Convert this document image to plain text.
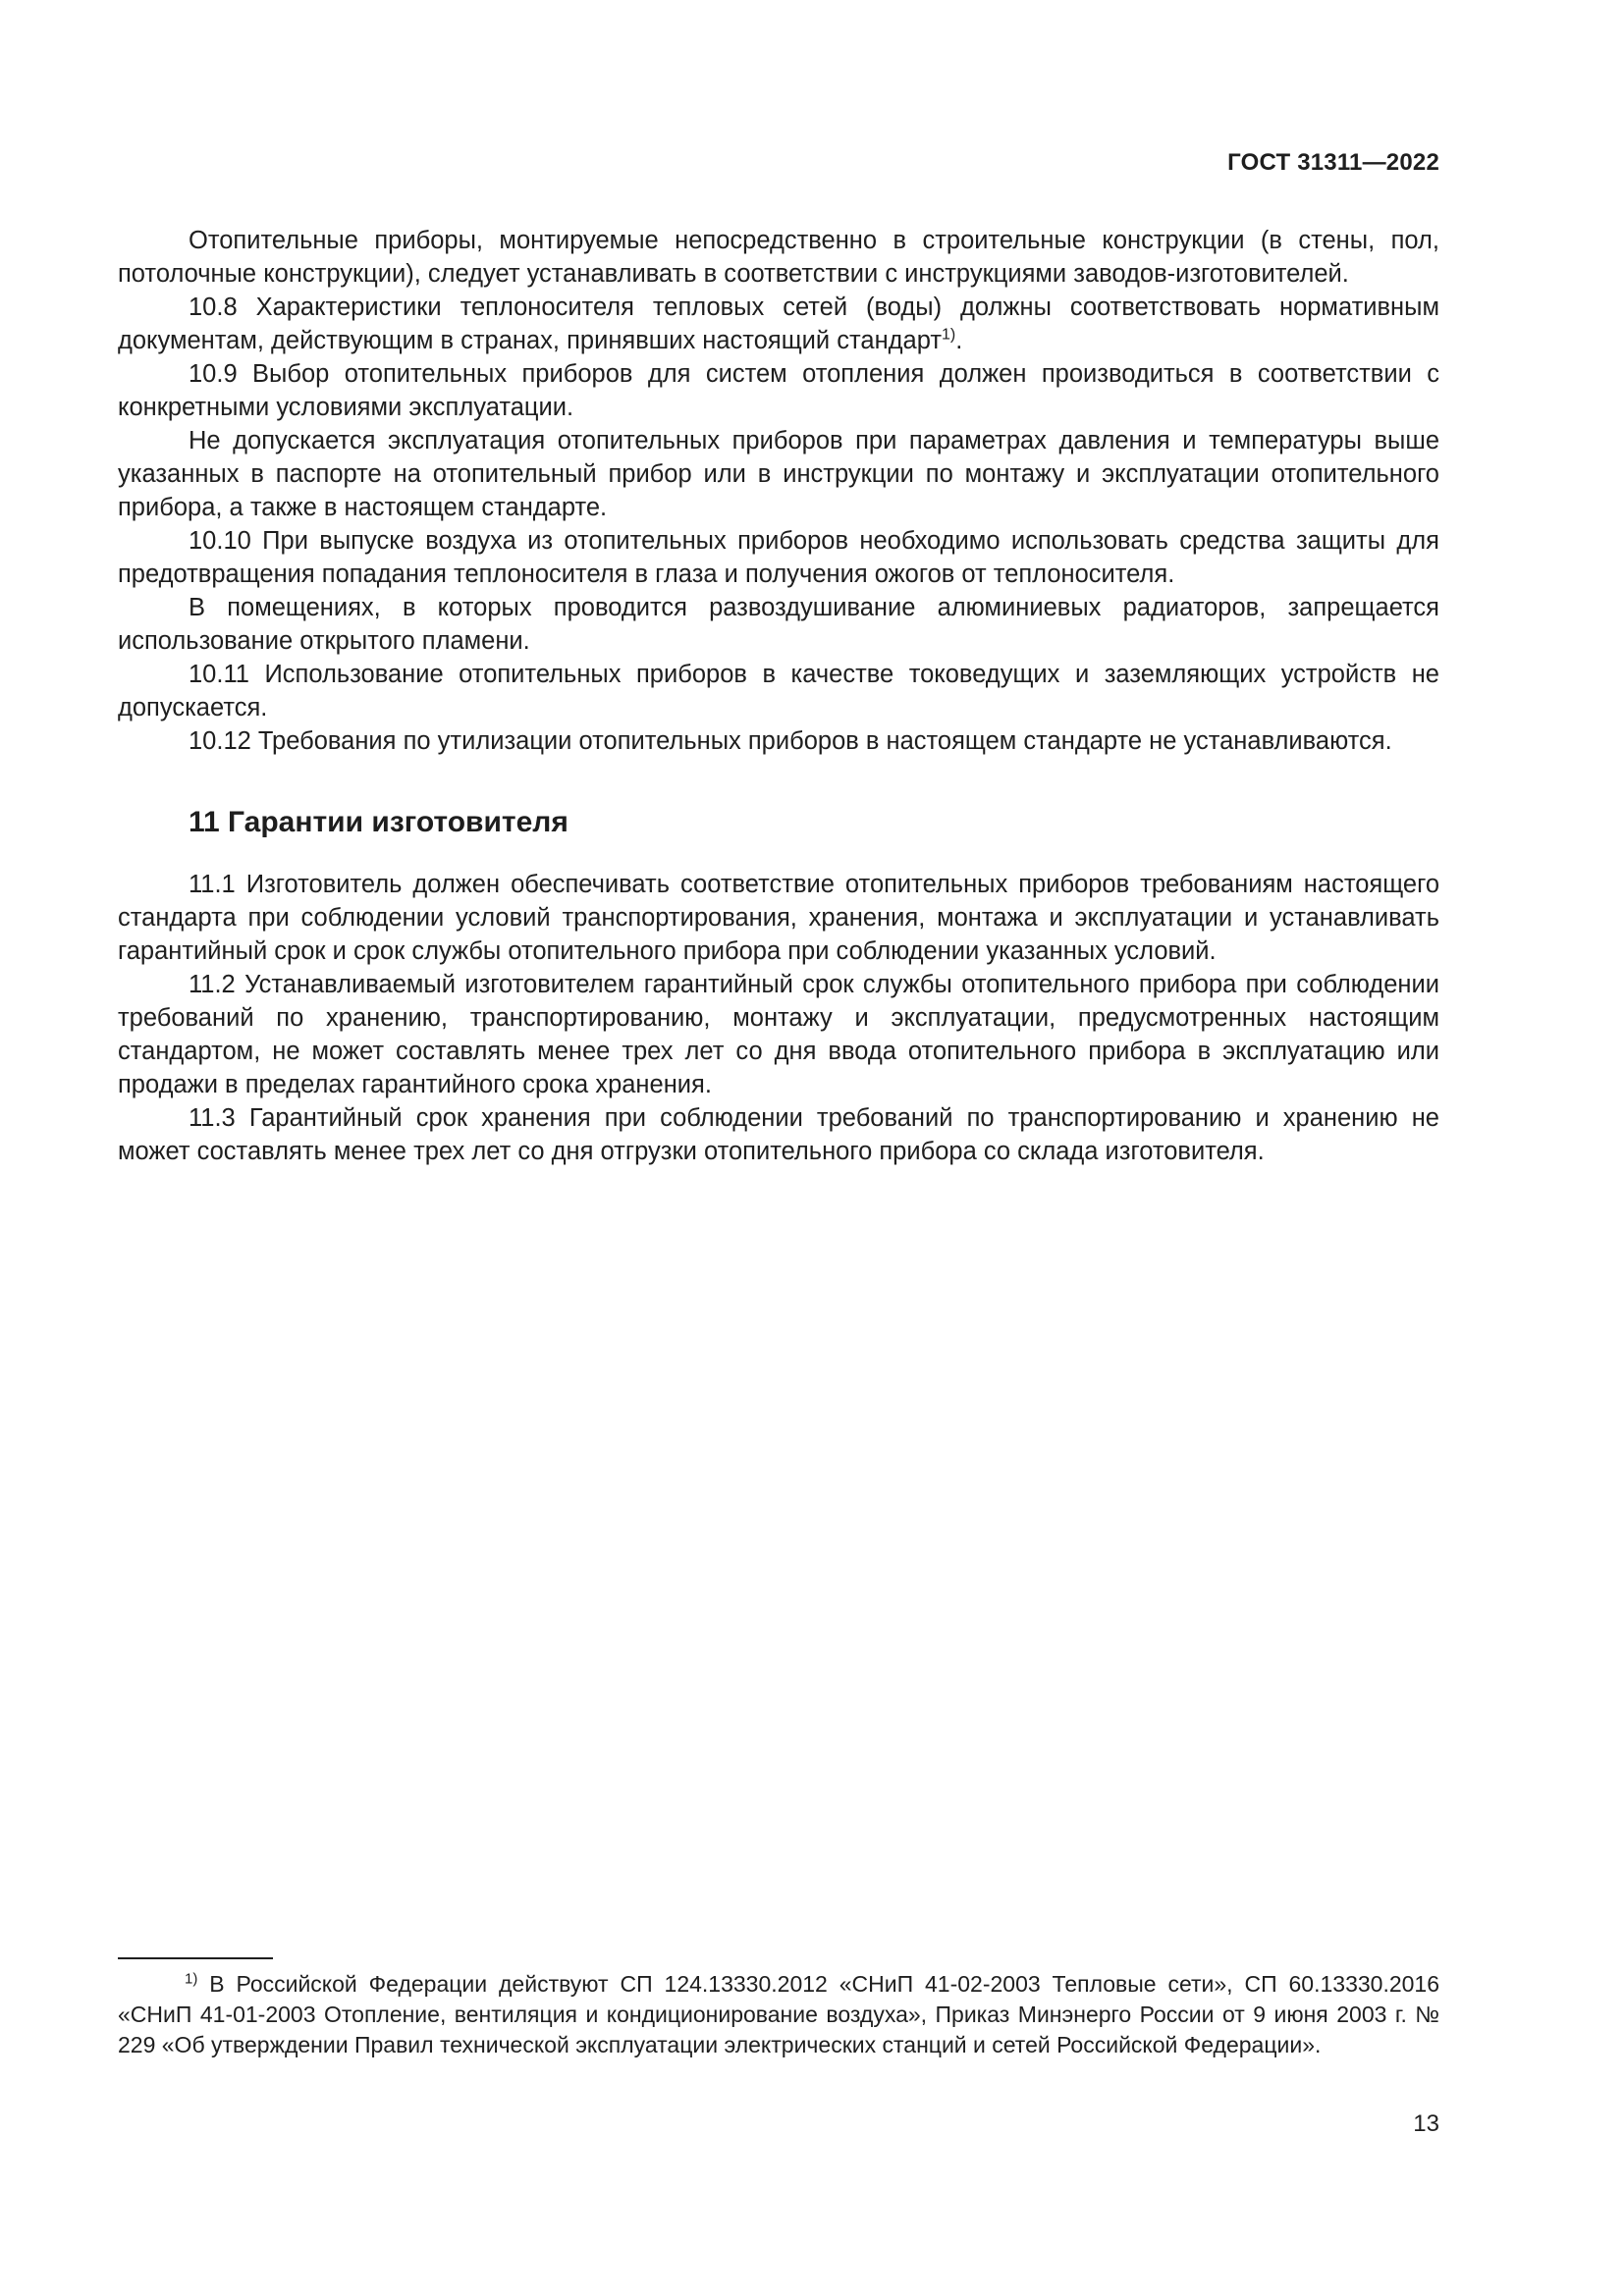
ГОСТ 31311—2022

Отопительные приборы, монтируемые непосредственно в строительные конструкции (в стены, пол, потолочные конструкции), следует устанавливать в соответствии с инструкциями заводов-изготовителей.

10.8 Характеристики теплоносителя тепловых сетей (воды) должны соответствовать нормативным документам, действующим в странах, принявших настоящий стандарт$^{1)}$.

10.9 Выбор отопительных приборов для систем отопления должен производиться в соответствии с конкретными условиями эксплуатации.

Не допускается эксплуатация отопительных приборов при параметрах давления и температуры выше указанных в паспорте на отопительный прибор или в инструкции по монтажу и эксплуатации отопительного прибора, а также в настоящем стандарте.

10.10 При выпуске воздуха из отопительных приборов необходимо использовать средства защиты для предотвращения попадания теплоносителя в глаза и получения ожогов от теплоносителя.

В помещениях, в которых проводится развоздушивание алюминиевых радиаторов, запрещается использование открытого пламени.

10.11 Использование отопительных приборов в качестве токоведущих и заземляющих устройств не допускается.

10.12 Требования по утилизации отопительных приборов в настоящем стандарте не устанавливаются.

11 Гарантии изготовителя

11.1 Изготовитель должен обеспечивать соответствие отопительных приборов требованиям настоящего стандарта при соблюдении условий транспортирования, хранения, монтажа и эксплуатации и устанавливать гарантийный срок и срок службы отопительного прибора при соблюдении указанных условий.

11.2 Устанавливаемый изготовителем гарантийный срок службы отопительного прибора при соблюдении требований по хранению, транспортированию, монтажу и эксплуатации, предусмотренных настоящим стандартом, не может составлять менее трех лет со дня ввода отопительного прибора в эксплуатацию или продажи в пределах гарантийного срока хранения.

11.3 Гарантийный срок хранения при соблюдении требований по транспортированию и хранению не может составлять менее трех лет со дня отгрузки отопительного прибора со склада изготовителя.

$^{1)}$ В Российской Федерации действуют СП 124.13330.2012 «СНиП 41-02-2003 Тепловые сети», СП 60.13330.2016 «СНиП 41-01-2003 Отопление, вентиляция и кондиционирование воздуха», Приказ Минэнерго России от 9 июня 2003 г. № 229 «Об утверждении Правил технической эксплуатации электрических станций и сетей Российской Федерации».

13
